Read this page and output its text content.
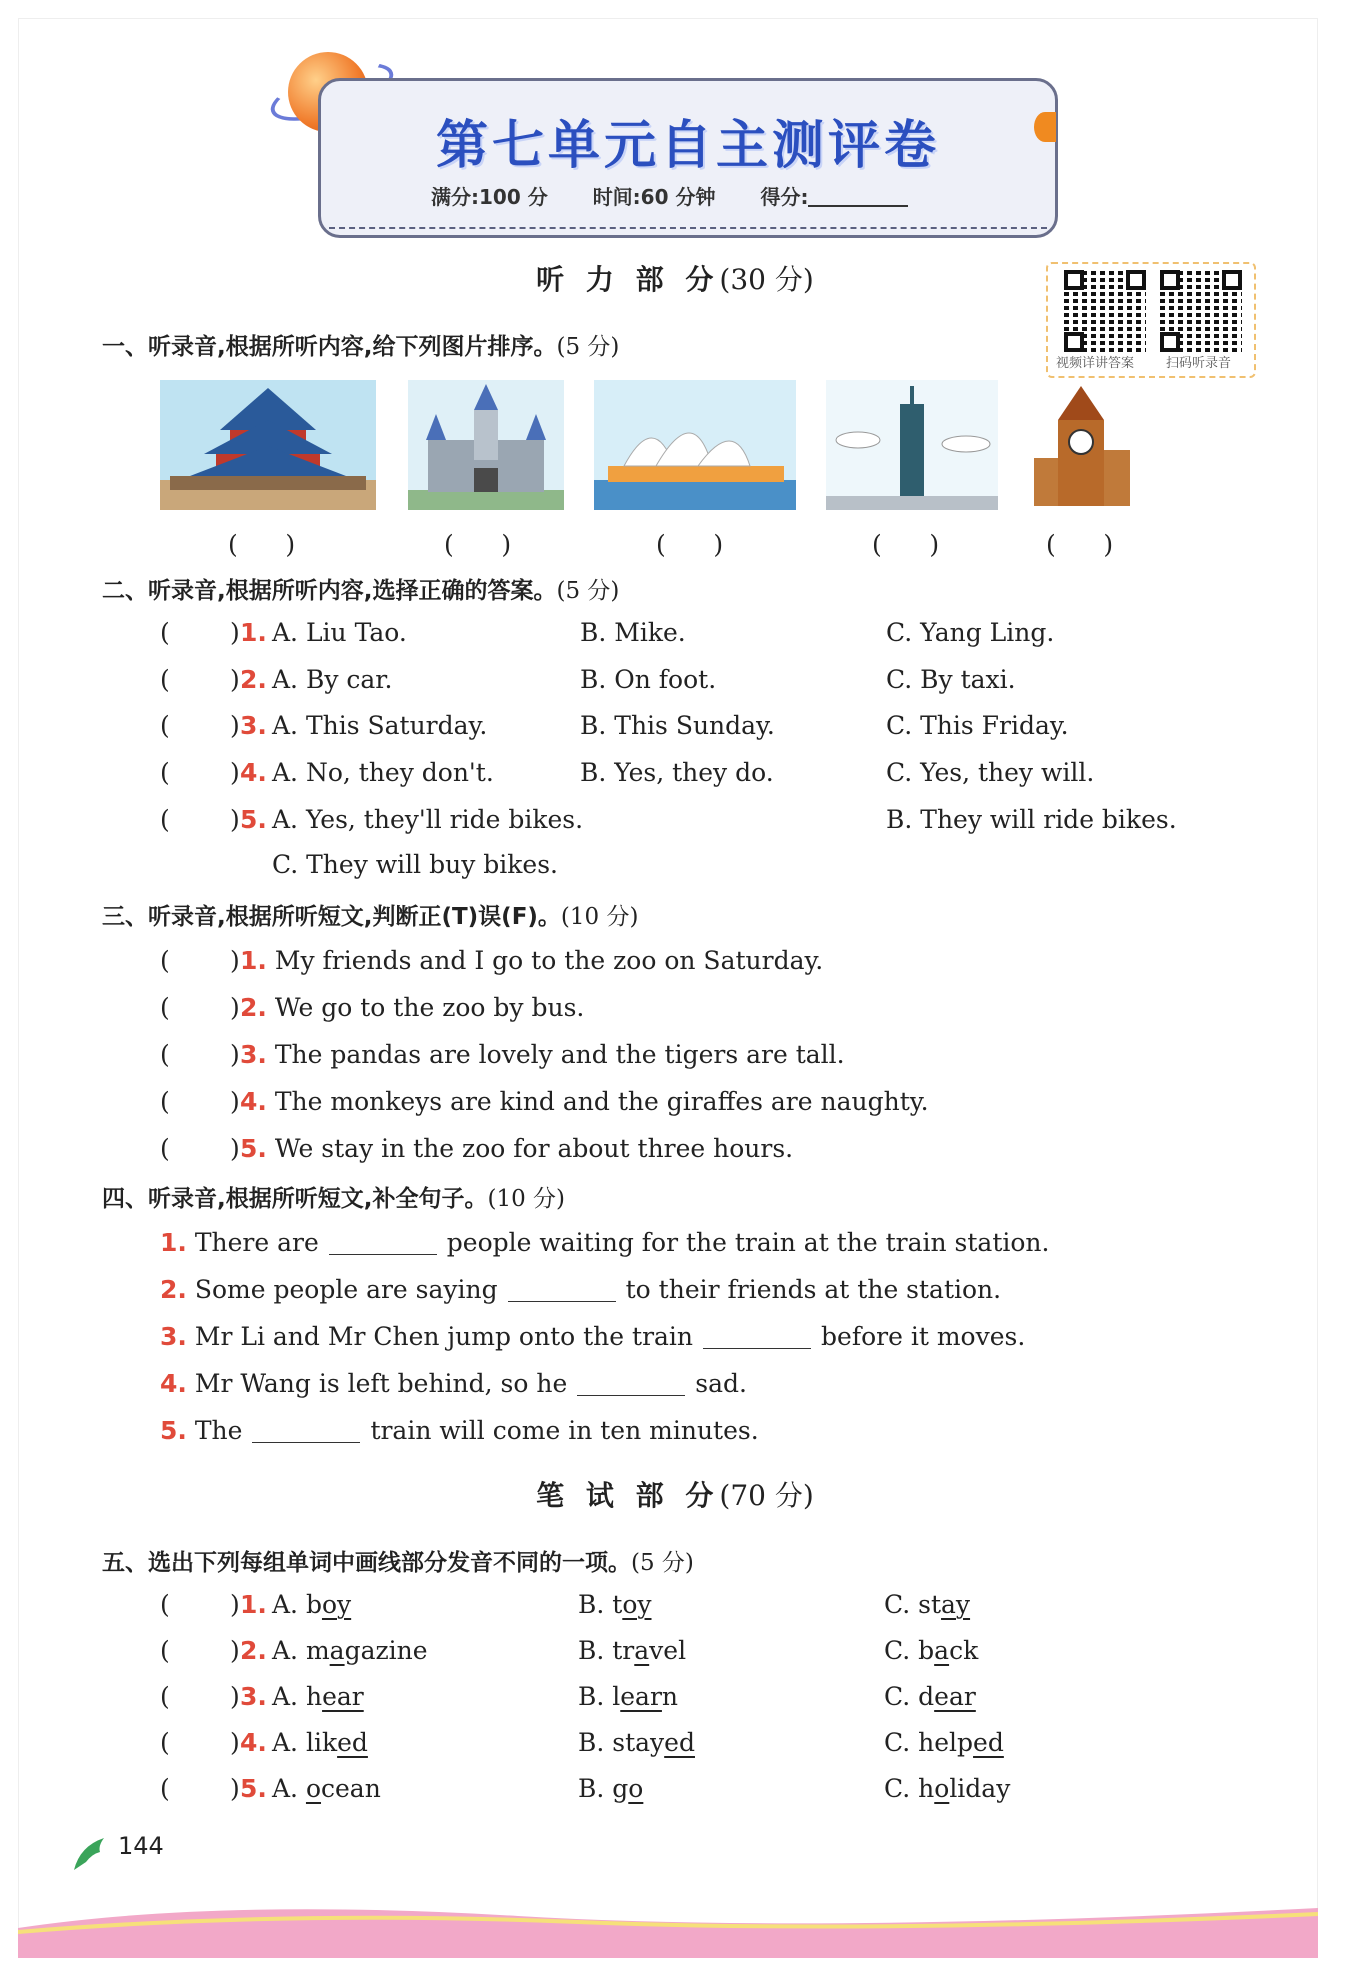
第七单元自主测评卷
满分:100 分 时间:60 分钟 得分:
听 力 部 分(30 分)
视频详讲答案 扫码听录音
一、听录音,根据所听内容,给下列图片排序。(5 分)
(      )	(      )	(      )	(      )	(      )
二、听录音,根据所听内容,选择正确的答案。(5 分)
( ) 1. A. Liu Tao.	B. Mike.	C. Yang Ling.
( ) 2. A. By car.	B. On foot.	C. By taxi.
( ) 3. A. This Saturday.	B. This Sunday.	C. This Friday.
( ) 4. A. No, they don't.	B. Yes, they do.	C. Yes, they will.
( ) 5. A. Yes, they'll ride bikes.	B. They will ride bikes.
C. They will buy bikes.
三、听录音,根据所听短文,判断正(T)误(F)。(10 分)
( ) 1. My friends and I go to the zoo on Saturday.
( ) 2. We go to the zoo by bus.
( ) 3. The pandas are lovely and the tigers are tall.
( ) 4. The monkeys are kind and the giraffes are naughty.
( ) 5. We stay in the zoo for about three hours.
四、听录音,根据所听短文,补全句子。(10 分)
1. There are	people waiting for the train at the train station.
2. Some people are saying	to their friends at the station.
3. Mr Li and Mr Chen jump onto the train	before it moves.
4. Mr Wang is left behind, so he	sad.
5. The	train will come in ten minutes.
笔 试 部 分(70 分)
五、选出下列每组单词中画线部分发音不同的一项。(5 分)
( ) 1. A. boy	B. toy	C. stay
( ) 2. A. magazine	B. travel	C. back
( ) 3. A. hear	B. learn	C. dear
( ) 4. A. liked	B. stayed	C. helped
( ) 5. A. ocean	B. go	C. holiday
144
